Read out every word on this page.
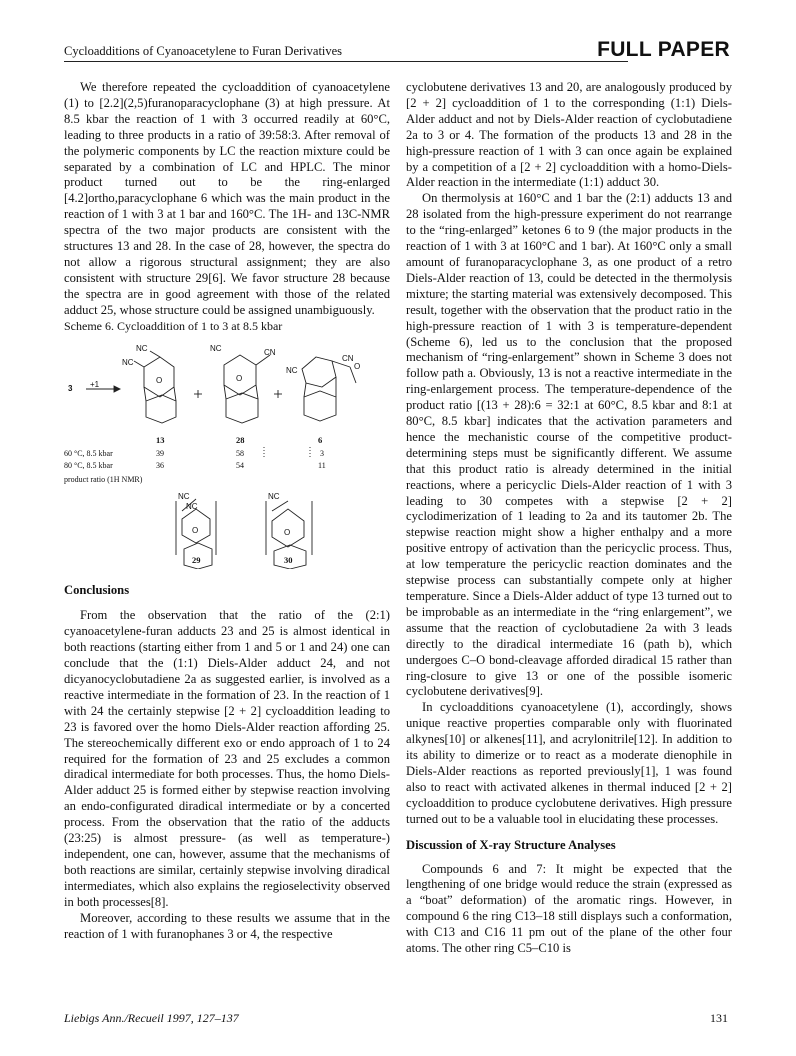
Cycloadditions of Cyanoacetylene to Furan Derivatives	FULL PAPER

We therefore repeated the cycloaddition of cyanoacetylene (1) to [2.2](2,5)furanoparacyclophane (3) at high pressure. At 8.5 kbar the reaction of 1 with 3 occurred readily at 60°C, leading to three products in a ratio of 39:58:3. After removal of the polymeric components by LC the reaction mixture could be separated by a combination of LC and HPLC. The minor product turned out to be the ring-enlarged [4.2]ortho,paracyclophane 6 which was the main product in the reaction of 1 with 3 at 1 bar and 160°C. The 1H- and 13C-NMR spectra of the two major products are consistent with the structures 13 and 28. In the case of 28, however, the spectra do not allow a rigorous structural assignment; they are also consistent with structure 29[6]. We favor structure 28 because the spectra are in good agreement with those of the related adduct 25, whose structure could be assigned unambiguously.

Scheme 6. Cycloaddition of 1 to 3 at 8.5 kbar

NC
NC
NC	CN
NC
CN
O
O	O
3 +1
13	28	6
60 °C, 8.5 kbar	39	58	3
80 °C, 8.5 kbar	36	54	11
product ratio (1H NMR)
NC
NC
NC
O	O
29	30

Conclusions

From the observation that the ratio of the (2:1) cyanoacetylene-furan adducts 23 and 25 is almost identical in both reactions (starting either from 1 and 5 or 1 and 24) one can conclude that the (1:1) Diels-Alder adduct 24, and not dicyanocyclobutadiene 2a as suggested earlier, is involved as a reactive intermediate in the formation of 23. In the reaction of 1 with 24 the certainly stepwise [2 + 2] cycloaddition leading to 23 is favored over the homo Diels-Alder reaction affording 25. The stereochemically different exo or endo approach of 1 to 24 required for the formation of 23 and 25 excludes a common diradical intermediate for both processes. Thus, the homo Diels-Alder adduct 25 is formed either by stepwise reaction involving an endo-configurated diradical intermediate or by a concerted process. From the observation that the ratio of the adducts (23:25) is almost pressure- (as well as temperature-) independent, one can, however, assume that the mechanisms of both reactions are similar, certainly stepwise involving diradical intermediates, which also explains the regioselectivity observed in both processes[8].

Moreover, according to these results we assume that in the reaction of 1 with furanophanes 3 or 4, the respective

cyclobutene derivatives 13 and 20, are analogously produced by [2 + 2] cycloaddition of 1 to the corresponding (1:1) Diels-Alder adduct and not by Diels-Alder reaction of cyclobutadiene 2a to 3 or 4. The formation of the products 13 and 28 in the high-pressure reaction of 1 with 3 can once again be explained by a competition of a [2 + 2] cycloaddition with a homo-Diels-Alder reaction in the intermediate (1:1) adduct 30.

On thermolysis at 160°C and 1 bar the (2:1) adducts 13 and 28 isolated from the high-pressure experiment do not rearrange to the “ring-enlarged” ketones 6 to 9 (the major products in the reaction of 1 with 3 at 160°C and 1 bar). At 160°C only a small amount of furanoparacyclophane 3, as one product of a retro Diels-Alder reaction of 13, could be detected in the thermolysis mixture; the starting material was extensively decomposed. This result, together with the observation that the product ratio in the high-pressure reaction of 1 with 3 is temperature-dependent (Scheme 6), led us to the conclusion that the proposed mechanism of “ring-enlargement” shown in Scheme 3 does not follow path a. Obviously, 13 is not a reactive intermediate in the ring-enlargement process. The temperature-dependence of the product ratio [(13 + 28):6 = 32:1 at 60°C, 8.5 kbar and 8:1 at 80°C, 8.5 kbar] indicates that the activation parameters and hence the mechanistic course of the competitive product-determining steps must be significantly different. We assume that this product ratio is already determined in the initial reactions, where a pericyclic Diels-Alder reaction of 1 with 3 leading to 30 competes with a stepwise [2 + 2] cyclodimerization of 1 leading to 2a and its tautomer 2b. The stepwise reaction might show a higher enthalpy and a more positive entropy of activation than the pericyclic process. Thus, at low temperature the pericyclic reaction dominates and the stepwise process can substantially compete only at higher temperature. Since a Diels-Alder adduct of type 13 turned out to be improbable as an intermediate in the “ring enlargement”, we assume that the reaction of cyclobutadiene 2a with 3 leads directly to the diradical intermediate 16 (path b), which undergoes C–O bond-cleavage afforded diradical 15 rather than ring-closure to give 13 or one of the possible isomeric cyclobutene derivatives[9].

In cycloadditions cyanoacetylene (1), accordingly, shows unique reactive properties comparable only with fluorinated alkynes[10] or alkenes[11], and acrylonitrile[12]. In addition to its ability to dimerize or to react as a moderate dienophile in Diels-Alder reactions as reported previously[1], 1 was found also to react with activated alkenes in thermal induced [2 + 2] cycloaddition to produce cyclobutene derivatives. High pressure turned out to be a valuable tool in elucidating these processes.

Discussion of X-ray Structure Analyses

Compounds 6 and 7: It might be expected that the lengthening of one bridge would reduce the strain (expressed as a “boat” deformation) of the aromatic rings. However, in compound 6 the ring C13–18 still displays such a conformation, with C13 and C16 11 pm out of the plane of the other four atoms. The other ring C5–C10 is

Liebigs Ann./Recueil 1997, 127–137	131
